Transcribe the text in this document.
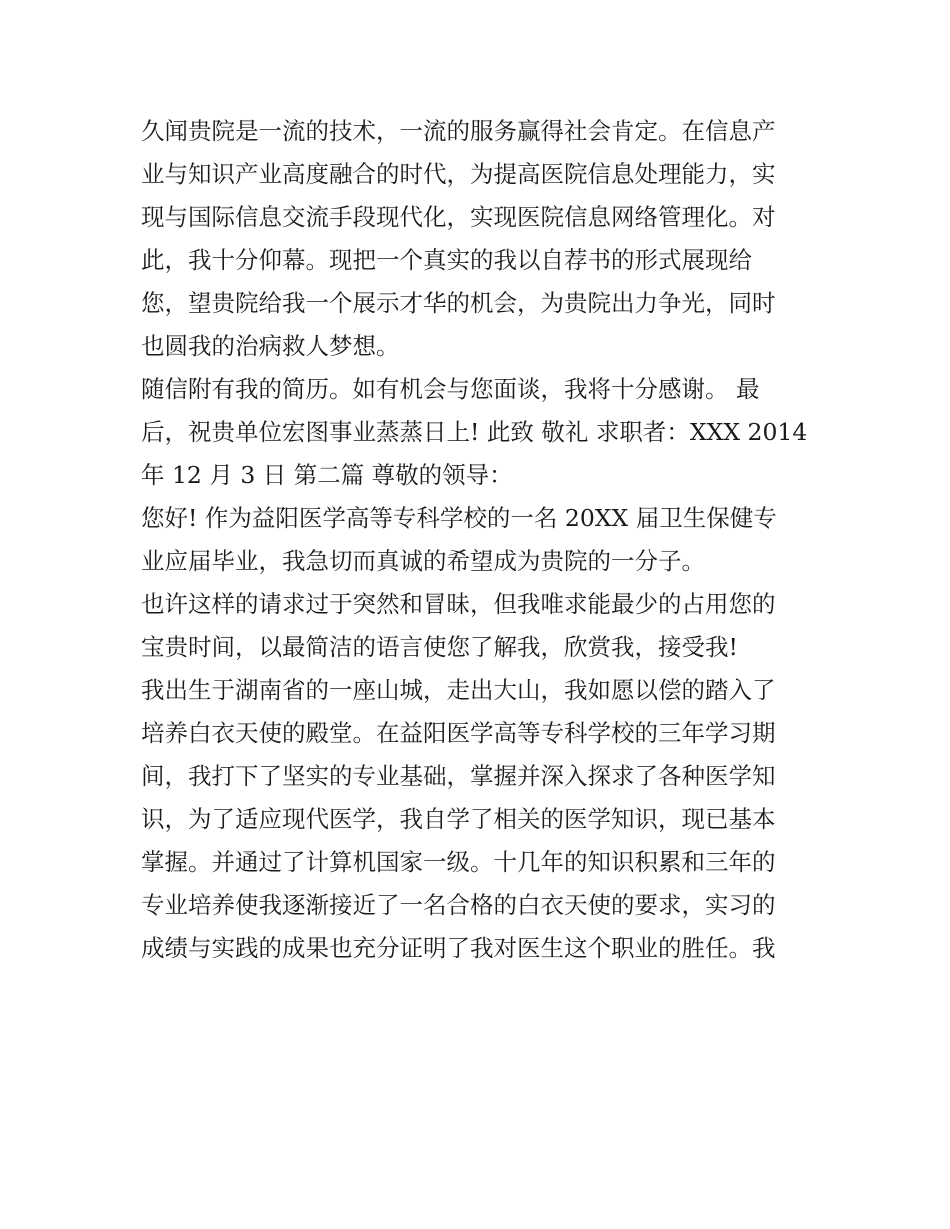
久闻贵院是一流的技术，一流的服务赢得社会肯定。在信息产
业与知识产业高度融合的时代，为提高医院信息处理能力，实
现与国际信息交流手段现代化，实现医院信息网络管理化。对
此，我十分仰幕。现把一个真实的我以自荐书的形式展现给
您，望贵院给我一个展示才华的机会，为贵院出力争光，同时
也圆我的治病救人梦想。
随信附有我的简历。如有机会与您面谈，我将十分感谢。 最
后，祝贵单位宏图事业蒸蒸日上! 此致 敬礼 求职者：XXX 2014
年 12 月 3 日 第二篇 尊敬的领导：
您好! 作为益阳医学高等专科学校的一名 20XX 届卫生保健专
业应届毕业，我急切而真诚的希望成为贵院的一分子。
也许这样的请求过于突然和冒昧，但我唯求能最少的占用您的
宝贵时间，以最简洁的语言使您了解我，欣赏我，接受我!
我出生于湖南省的一座山城，走出大山，我如愿以偿的踏入了
培养白衣天使的殿堂。在益阳医学高等专科学校的三年学习期
间，我打下了坚实的专业基础，掌握并深入探求了各种医学知
识，为了适应现代医学，我自学了相关的医学知识，现已基本
掌握。并通过了计算机国家一级。十几年的知识积累和三年的
专业培养使我逐渐接近了一名合格的白衣天使的要求，实习的
成绩与实践的成果也充分证明了我对医生这个职业的胜任。我
